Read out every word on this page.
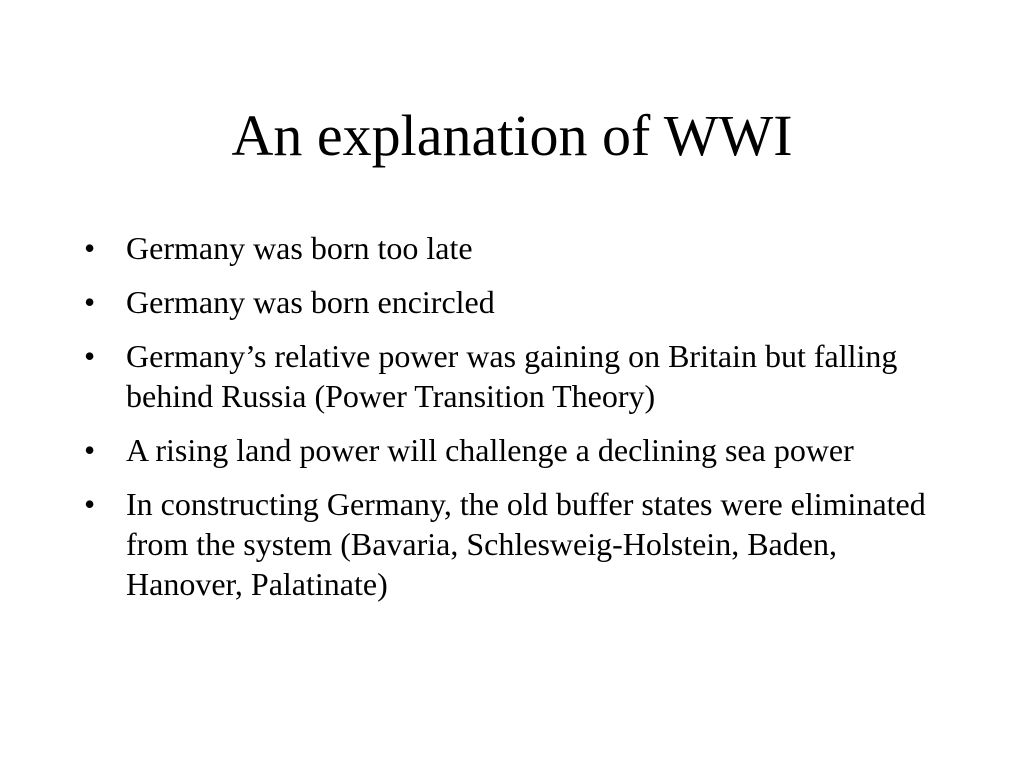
An explanation of WWI
• Germany was born too late
• Germany was born encircled
• Germany’s relative power was gaining on Britain but falling behind Russia (Power Transition Theory)
• A rising land power will challenge a declining sea power
• In constructing Germany, the old buffer states were eliminated from the system (Bavaria, Schlesweig-Holstein, Baden, Hanover, Palatinate)
